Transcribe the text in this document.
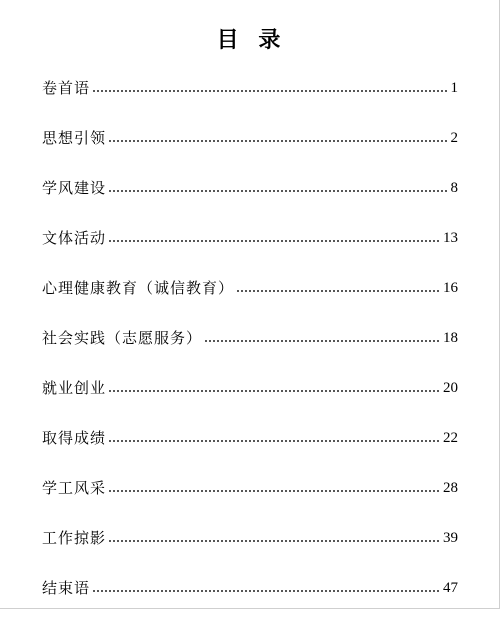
目 录
卷首语	1
思想引领	2
学风建设	8
文体活动	13
心理健康教育（诚信教育）	16
社会实践（志愿服务）	18
就业创业	20
取得成绩	22
学工风采	28
工作掠影	39
结束语	47
